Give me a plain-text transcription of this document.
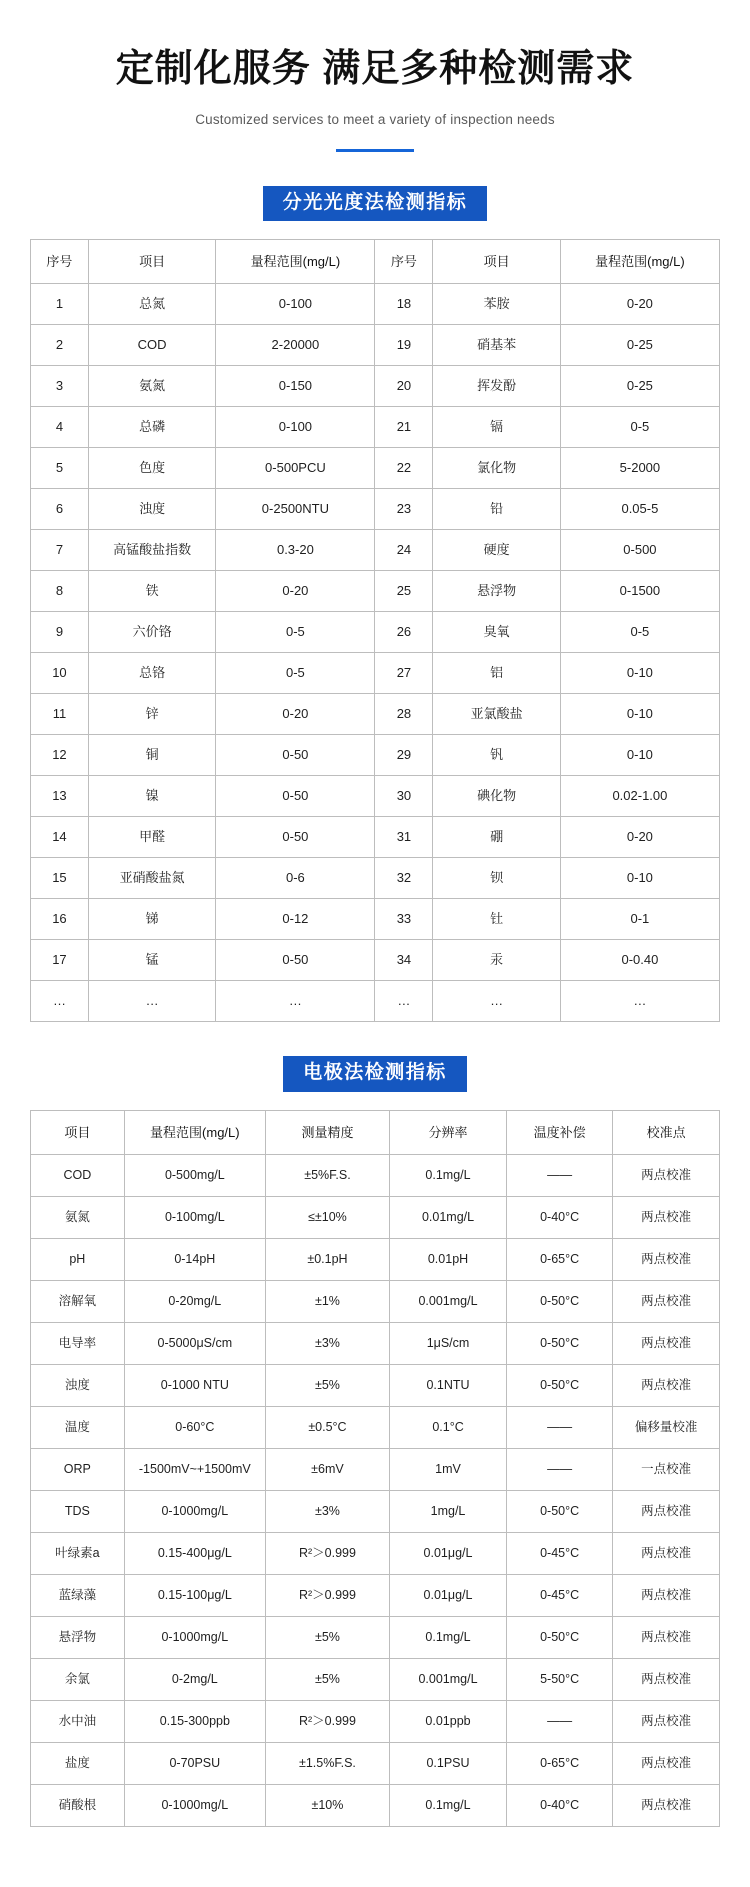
定制化服务 满足多种检测需求
Customized services to meet a variety of inspection needs
分光光度法检测指标
序号	项目	量程范围(mg/L)	序号	项目	量程范围(mg/L)
1	总氮	0-100	18	苯胺	0-20
2	COD	2-20000	19	硝基苯	0-25
3	氨氮	0-150	20	挥发酚	0-25
4	总磷	0-100	21	镉	0-5
5	色度	0-500PCU	22	氯化物	5-2000
6	浊度	0-2500NTU	23	铅	0.05-5
7	高锰酸盐指数	0.3-20	24	硬度	0-500
8	铁	0-20	25	悬浮物	0-1500
9	六价铬	0-5	26	臭氧	0-5
10	总铬	0-5	27	铝	0-10
11	锌	0-20	28	亚氯酸盐	0-10
12	铜	0-50	29	钒	0-10
13	镍	0-50	30	碘化物	0.02-1.00
14	甲醛	0-50	31	硼	0-20
15	亚硝酸盐氮	0-6	32	钡	0-10
16	锑	0-12	33	钍	0-1
17	锰	0-50	34	汞	0-0.40
…	…	…	…	…	…
电极法检测指标
项目	量程范围(mg/L)	测量精度	分辨率	温度补偿	校准点
COD	0-500mg/L	±5%F.S.	0.1mg/L	——	两点校准
氨氮	0-100mg/L	≤±10%	0.01mg/L	0-40°C	两点校准
pH	0-14pH	±0.1pH	0.01pH	0-65°C	两点校准
溶解氧	0-20mg/L	±1%	0.001mg/L	0-50°C	两点校准
电导率	0-5000μS/cm	±3%	1μS/cm	0-50°C	两点校准
浊度	0-1000 NTU	±5%	0.1NTU	0-50°C	两点校准
温度	0-60°C	±0.5°C	0.1°C	——	偏移量校准
ORP	-1500mV~+1500mV	±6mV	1mV	——	一点校准
TDS	0-1000mg/L	±3%	1mg/L	0-50°C	两点校准
叶绿素a	0.15-400μg/L	R²＞0.999	0.01μg/L	0-45°C	两点校准
蓝绿藻	0.15-100μg/L	R²＞0.999	0.01μg/L	0-45°C	两点校准
悬浮物	0-1000mg/L	±5%	0.1mg/L	0-50°C	两点校准
余氯	0-2mg/L	±5%	0.001mg/L	5-50°C	两点校准
水中油	0.15-300ppb	R²＞0.999	0.01ppb	——	两点校准
盐度	0-70PSU	±1.5%F.S.	0.1PSU	0-65°C	两点校准
硝酸根	0-1000mg/L	±10%	0.1mg/L	0-40°C	两点校准
